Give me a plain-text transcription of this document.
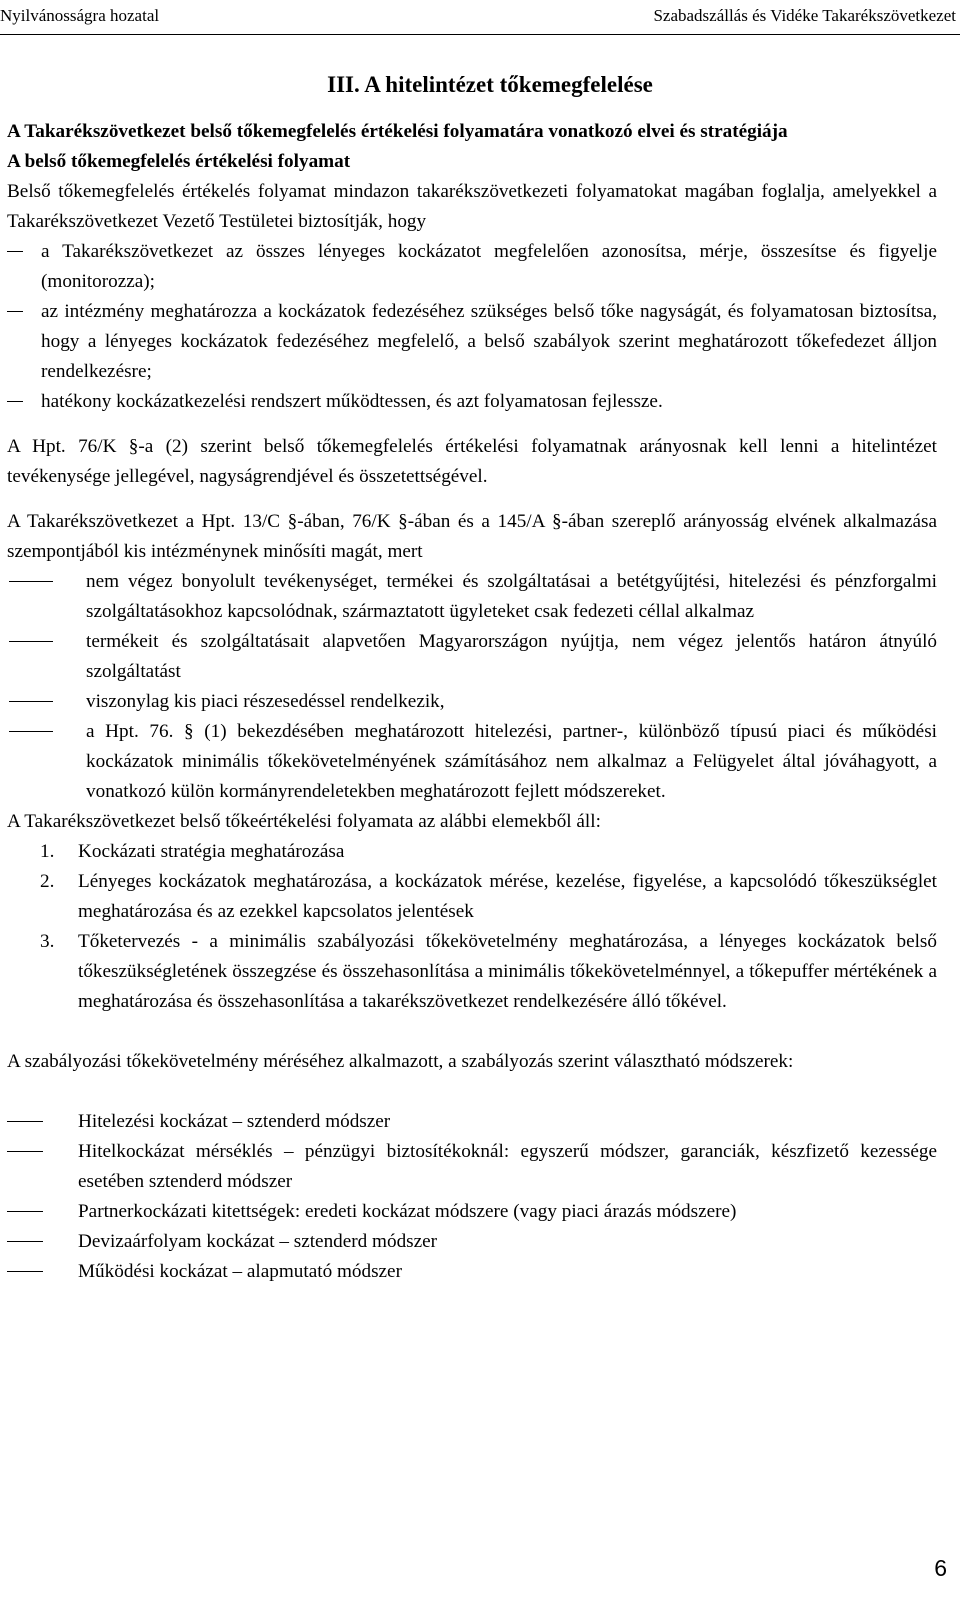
Nyilvánosságra hozatal	Szabadszállás és Vidéke Takarékszövetkezet

III. A hitelintézet tőkemegfelelése

A Takarékszövetkezet belső tőkemegfelelés értékelési folyamatára vonatkozó elvei és stratégiája

A belső tőkemegfelelés értékelési folyamat

Belső tőkemegfelelés értékelés folyamat mindazon takarékszövetkezeti folyamatokat magában foglalja, amelyekkel a Takarékszövetkezet Vezető Testületei biztosítják, hogy

a Takarékszövetkezet az összes lényeges kockázatot megfelelően azonosítsa, mérje, összesítse és figyelje (monitorozza);

az intézmény meghatározza a kockázatok fedezéséhez szükséges belső tőke nagyságát, és folyamatosan biztosítsa, hogy a lényeges kockázatok fedezéséhez megfelelő, a belső szabályok szerint meghatározott tőkefedezet álljon rendelkezésre;

hatékony kockázatkezelési rendszert működtessen, és azt folyamatosan fejlessze.

A Hpt. 76/K §-a (2) szerint belső tőkemegfelelés értékelési folyamatnak arányosnak kell lenni a hitelintézet tevékenysége jellegével, nagyságrendjével és összetettségével.

A Takarékszövetkezet a Hpt. 13/C §-ában, 76/K §-ában és a 145/A §-ában szereplő arányosság elvének alkalmazása szempontjából kis intézménynek minősíti magát, mert

nem végez bonyolult tevékenységet, termékei és szolgáltatásai a betétgyűjtési, hitelezési és pénzforgalmi szolgáltatásokhoz kapcsolódnak, származtatott ügyleteket csak fedezeti céllal alkalmaz

termékeit és szolgáltatásait alapvetően Magyarországon nyújtja, nem végez jelentős határon átnyúló szolgáltatást

viszonylag kis piaci részesedéssel rendelkezik,

a Hpt. 76. § (1) bekezdésében meghatározott hitelezési, partner-, különböző típusú piaci és működési kockázatok minimális tőkekövetelményének számításához nem alkalmaz a Felügyelet által jóváhagyott, a vonatkozó külön kormányrendeletekben meghatározott fejlett módszereket.

A Takarékszövetkezet belső tőkeértékelési folyamata az alábbi elemekből áll:

1. Kockázati stratégia meghatározása
2. Lényeges kockázatok meghatározása, a kockázatok mérése, kezelése, figyelése, a kapcsolódó tőkeszükséglet meghatározása és az ezekkel kapcsolatos jelentések
3. Tőketervezés - a minimális szabályozási tőkekövetelmény meghatározása, a lényeges kockázatok belső tőkeszükségletének összegzése és összehasonlítása a minimális tőkekövetelménnyel, a tőkepuffer mértékének a meghatározása és összehasonlítása a takarékszövetkezet rendelkezésére álló tőkével.

A szabályozási tőkekövetelmény méréséhez alkalmazott, a szabályozás szerint választható módszerek:

Hitelezési kockázat – sztenderd módszer

Hitelkockázat mérséklés – pénzügyi biztosítékoknál: egyszerű módszer, garanciák, készfizető kezessége esetében sztenderd módszer

Partnerkockázati kitettségek: eredeti kockázat módszere (vagy piaci árazás módszere)

Devizaárfolyam kockázat – sztenderd módszer

Működési kockázat – alapmutató módszer

6
